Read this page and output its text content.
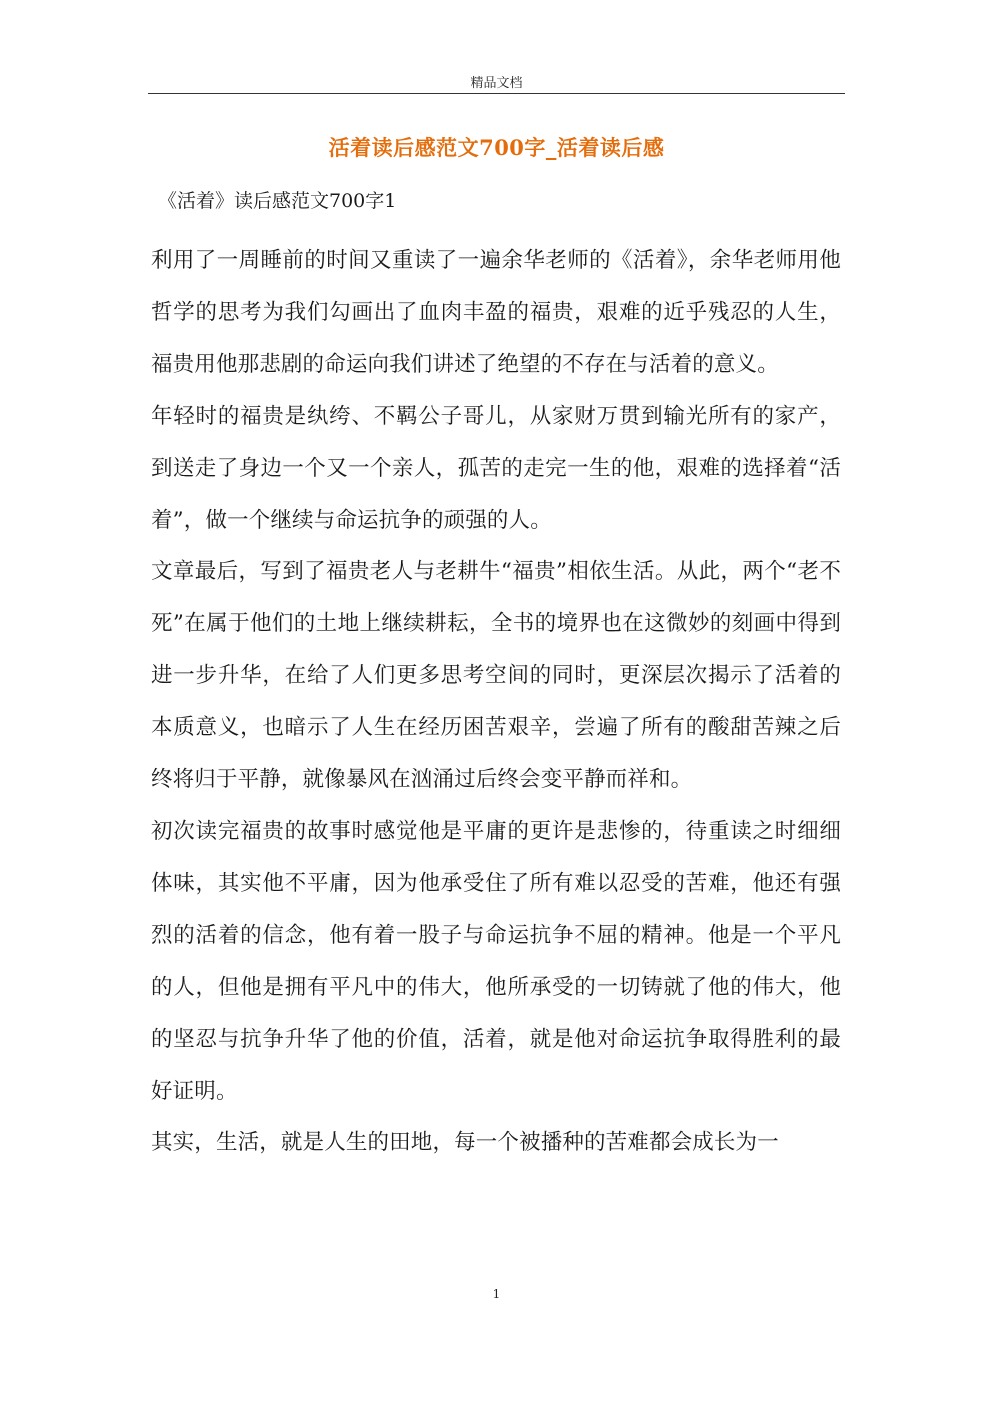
精品文档
活着读后感范文700字_活着读后感
《活着》读后感范文700字1

利用了一周睡前的时间又重读了一遍余华老师的《活着》，余华老师用他哲学的思考为我们勾画出了血肉丰盈的福贵，艰难的近乎残忍的人生，福贵用他那悲剧的命运向我们讲述了绝望的不存在与活着的意义。

年轻时的福贵是纨绔、不羁公子哥儿，从家财万贯到输光所有的家产，到送走了身边一个又一个亲人，孤苦的走完一生的他，艰难的选择着“活着”，做一个继续与命运抗争的顽强的人。

文章最后，写到了福贵老人与老耕牛“福贵”相依生活。从此，两个“老不死”在属于他们的土地上继续耕耘，全书的境界也在这微妙的刻画中得到进一步升华，在给了人们更多思考空间的同时，更深层次揭示了活着的本质意义，也暗示了人生在经历困苦艰辛，尝遍了所有的酸甜苦辣之后终将归于平静，就像暴风在汹涌过后终会变平静而祥和。

初次读完福贵的故事时感觉他是平庸的更许是悲惨的，待重读之时细细体味，其实他不平庸，因为他承受住了所有难以忍受的苦难，他还有强烈的活着的信念，他有着一股子与命运抗争不屈的精神。他是一个平凡的人，但他是拥有平凡中的伟大，他所承受的一切铸就了他的伟大，他的坚忍与抗争升华了他的价值，活着，就是他对命运抗争取得胜利的最好证明。

其实，生活，就是人生的田地，每一个被播种的苦难都会成长为一

1
